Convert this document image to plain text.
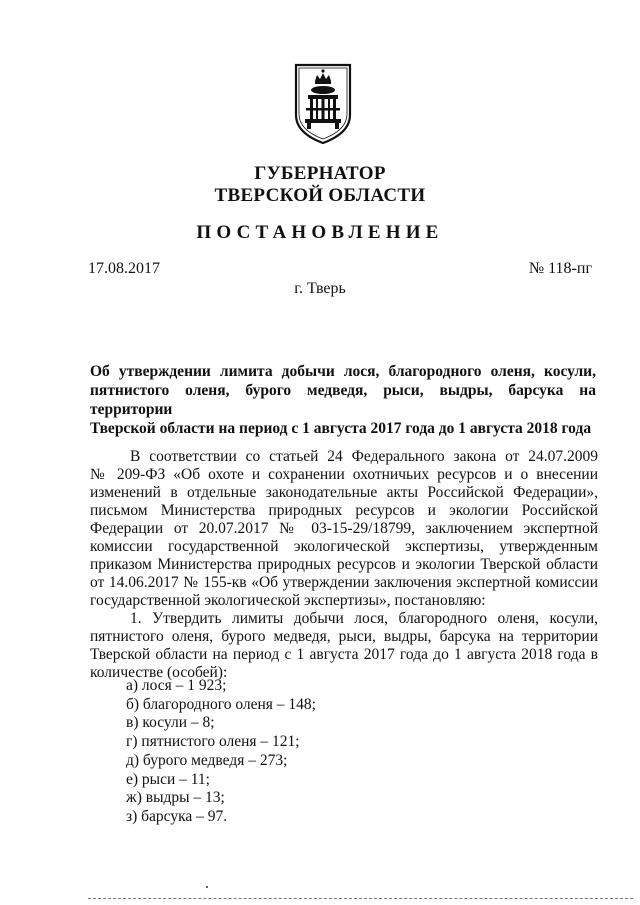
ГУБЕРНАТОР
ТВЕРСКОЙ ОБЛАСТИ
ПОСТАНОВЛЕНИЕ
17.08.2017	№ 118-пг
г. Тверь
Об утверждении лимита добычи лося, благородного оленя, косули,
пятнистого оленя, бурого медведя, рыси, выдры, барсука на территории
Тверской области на период с 1 августа 2017 года до 1 августа 2018 года
В соответствии со статьей 24 Федерального закона от 24.07.2009
№ 209-ФЗ «Об охоте и сохранении охотничьих ресурсов и о внесении
изменений в отдельные законодательные акты Российской Федерации»,
письмом Министерства природных ресурсов и экологии Российской
Федерации от 20.07.2017 № 03-15-29/18799, заключением экспертной
комиссии государственной экологической экспертизы, утвержденным
приказом Министерства природных ресурсов и экологии Тверской области
от 14.06.2017 № 155-кв «Об утверждении заключения экспертной комиссии
государственной экологической экспертизы», постановляю:
1. Утвердить лимиты добычи лося, благородного оленя, косули,
пятнистого оленя, бурого медведя, рыси, выдры, барсука на территории
Тверской области на период с 1 августа 2017 года до 1 августа 2018 года в
количестве (особей):
а) лося – 1 923;
б) благородного оленя – 148;
в) косули – 8;
г) пятнистого оленя – 121;
д) бурого медведя – 273;
е) рыси – 11;
ж) выдры – 13;
з) барсука – 97.
